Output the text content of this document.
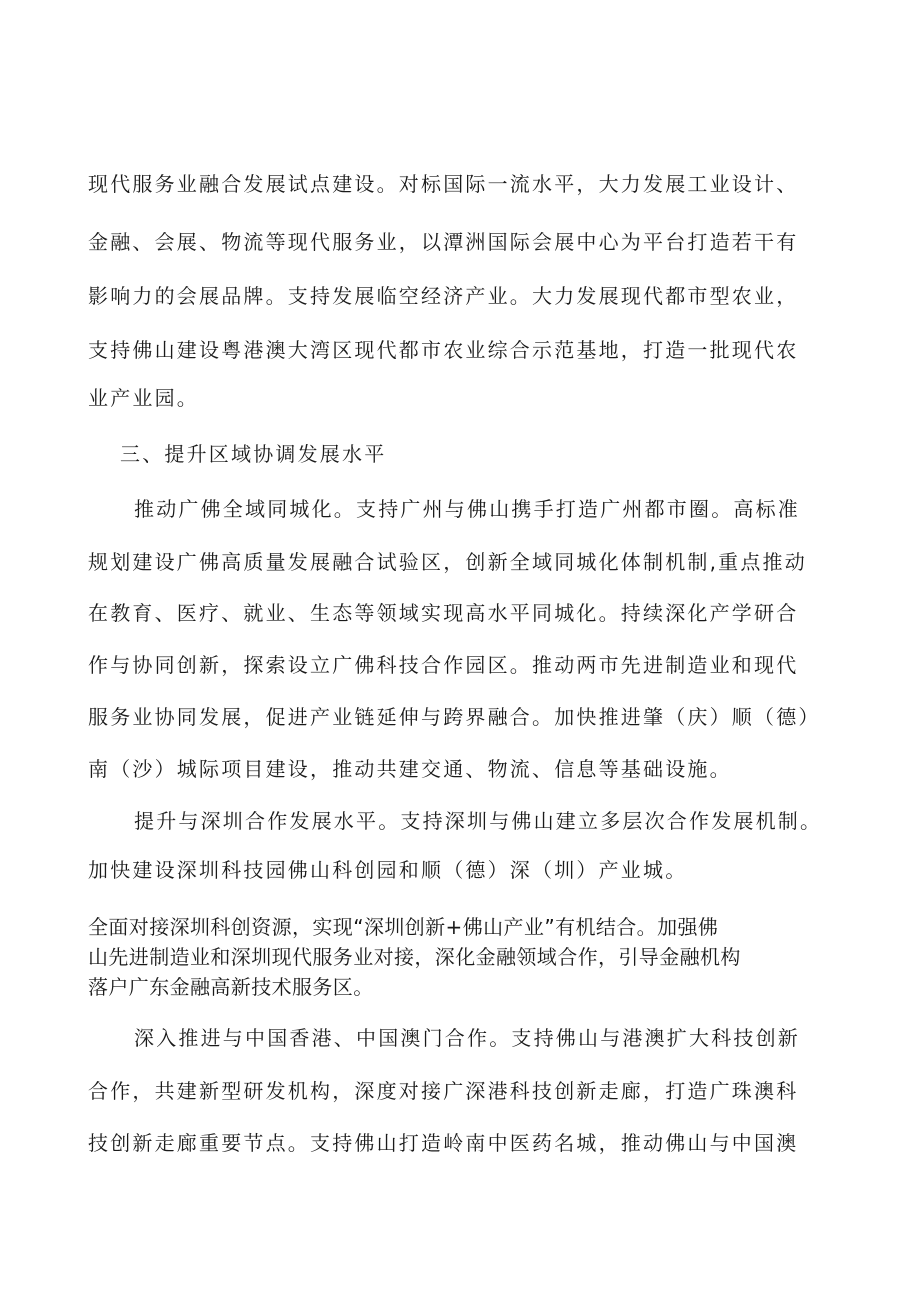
现代服务业融合发展试点建设。对标国际一流水平，大力发展工业设计、
金融、会展、物流等现代服务业，以潭洲国际会展中心为平台打造若干有
影响力的会展品牌。支持发展临空经济产业。大力发展现代都市型农业，
支持佛山建设粤港澳大湾区现代都市农业综合示范基地，打造一批现代农
业产业园。
三、提升区域协调发展水平
推动广佛全域同城化。支持广州与佛山携手打造广州都市圈。高标准
规划建设广佛高质量发展融合试验区，创新全域同城化体制机制,重点推动
在教育、医疗、就业、生态等领域实现高水平同城化。持续深化产学研合
作与协同创新，探索设立广佛科技合作园区。推动两市先进制造业和现代
服务业协同发展，促进产业链延伸与跨界融合。加快推进肇（庆）顺（德）
南（沙）城际项目建设，推动共建交通、物流、信息等基础设施。
提升与深圳合作发展水平。支持深圳与佛山建立多层次合作发展机制。
加快建设深圳科技园佛山科创园和顺（德）深（圳）产业城。
全面对接深圳科创资源，实现“深圳创新+佛山产业”有机结合。加强佛
山先进制造业和深圳现代服务业对接，深化金融领域合作，引导金融机构
落户广东金融高新技术服务区。
深入推进与中国香港、中国澳门合作。支持佛山与港澳扩大科技创新
合作，共建新型研发机构，深度对接广深港科技创新走廊，打造广珠澳科
技创新走廊重要节点。支持佛山打造岭南中医药名城，推动佛山与中国澳
